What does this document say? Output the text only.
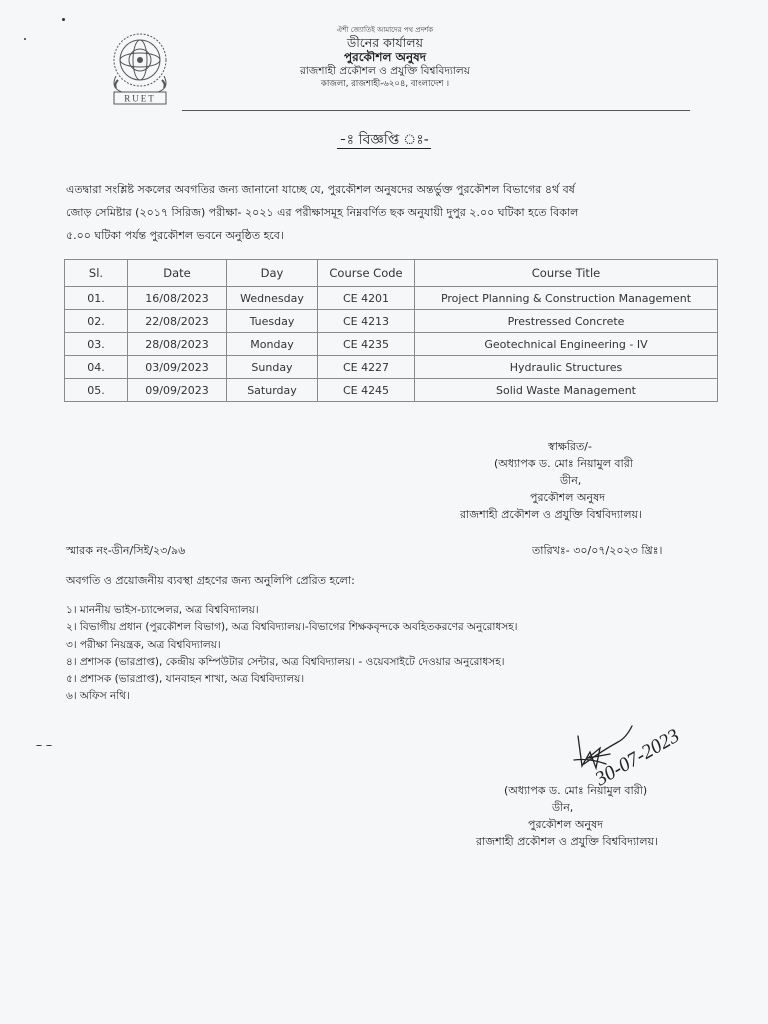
RUET
ঐশী জ্যোতিই আমাদের পথ প্রদর্শক
ডীনের কার্যালয়
পুরকৌশল অনুষদ
রাজশাহী প্রকৌশল ও প্রযুক্তি বিশ্ববিদ্যালয়
কাজলা, রাজশাহী-৬২০৪, বাংলাদেশ ।
-ঃ বিজ্ঞপ্তি ঃ-
এতদ্বারা সংশ্লিষ্ট সকলের অবগতির জন্য জানানো যাচ্ছে যে, পুরকৌশল অনুষদের অন্তর্ভুক্ত পুরকৌশল বিভাগের ৪র্থ বর্ষ
জোড় সেমিষ্টার (২০১৭ সিরিজ) পরীক্ষা- ২০২১ এর পরীক্ষাসমূহ নিম্নবর্ণিত ছক অনুযায়ী দুপুর ২.০০ ঘটিকা হতে বিকাল
৫.০০ ঘটিকা পর্যন্ত পুরকৌশল ভবনে অনুষ্ঠিত হবে।
Sl.	Date	Day	Course Code	Course Title
01.	16/08/2023	Wednesday	CE 4201	Project Planning & Construction Management
02.	22/08/2023	Tuesday	CE 4213	Prestressed Concrete
03.	28/08/2023	Monday	CE 4235	Geotechnical Engineering - IV
04.	03/09/2023	Sunday	CE 4227	Hydraulic Structures
05.	09/09/2023	Saturday	CE 4245	Solid Waste Management
স্বাক্ষরিত/-
(অধ্যাপক ড. মোঃ নিয়ামুল বারী
ডীন,
পুরকৌশল অনুষদ
রাজশাহী প্রকৌশল ও প্রযুক্তি বিশ্ববিদ্যালয়।
স্মারক নং-ডীন/সিই/২৩/৯৬	তারিখঃ- ৩০/০৭/২০২৩ খ্রিঃ।
অবগতি ও প্রয়োজনীয় ব্যবস্থা গ্রহণের জন্য অনুলিপি প্রেরিত হলো:
১। মাননীয় ভাইস-চ্যান্সেলর, অত্র বিশ্ববিদ্যালয়।
২। বিভাগীয় প্রধান (পুরকৌশল বিভাগ), অত্র বিশ্ববিদ্যালয়।-বিভাগের শিক্ষকবৃন্দকে অবহিতকরণের অনুরোধসহ।
৩। পরীক্ষা নিয়ন্ত্রক, অত্র বিশ্ববিদ্যালয়।
৪। প্রশাসক (ভারপ্রাপ্ত), কেন্দ্রীয় কম্পিউটার সেন্টার, অত্র বিশ্ববিদ্যালয়। - ওয়েবসাইটে দেওয়ার অনুরোধসহ।
৫। প্রশাসক (ভারপ্রাপ্ত), যানবাহন শাখা, অত্র বিশ্ববিদ্যালয়।
৬। অফিস নথি।
30-07-2023
(অধ্যাপক ড. মোঃ নিয়ামুল বারী)
ডীন,
পুরকৌশল অনুষদ
রাজশাহী প্রকৌশল ও প্রযুক্তি বিশ্ববিদ্যালয়।
